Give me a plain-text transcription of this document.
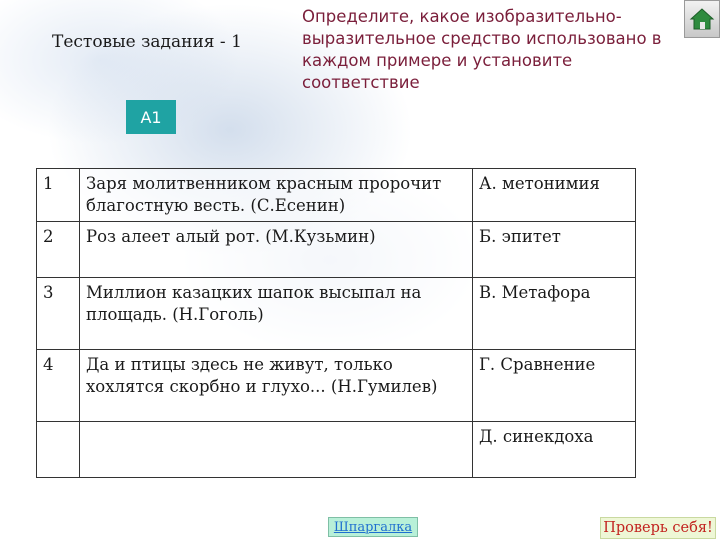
Тестовые задания - 1
А1
Определите, какое изобразительно-выразительное средство использовано в каждом примере и установите соответствие
1	Заря молитвенником красным пророчит благостную весть. (С.Есенин)	А. метонимия
2	Роз алеет алый рот. (М.Кузьмин)	Б. эпитет
3	Миллион казацких шапок высыпал на площадь. (Н.Гоголь)	В. Метафора
4	Да и птицы здесь не живут, только хохлятся скорбно и глухо... (Н.Гумилев)	Г. Сравнение
		Д. синекдоха
Шпаргалка	Проверь себя!
